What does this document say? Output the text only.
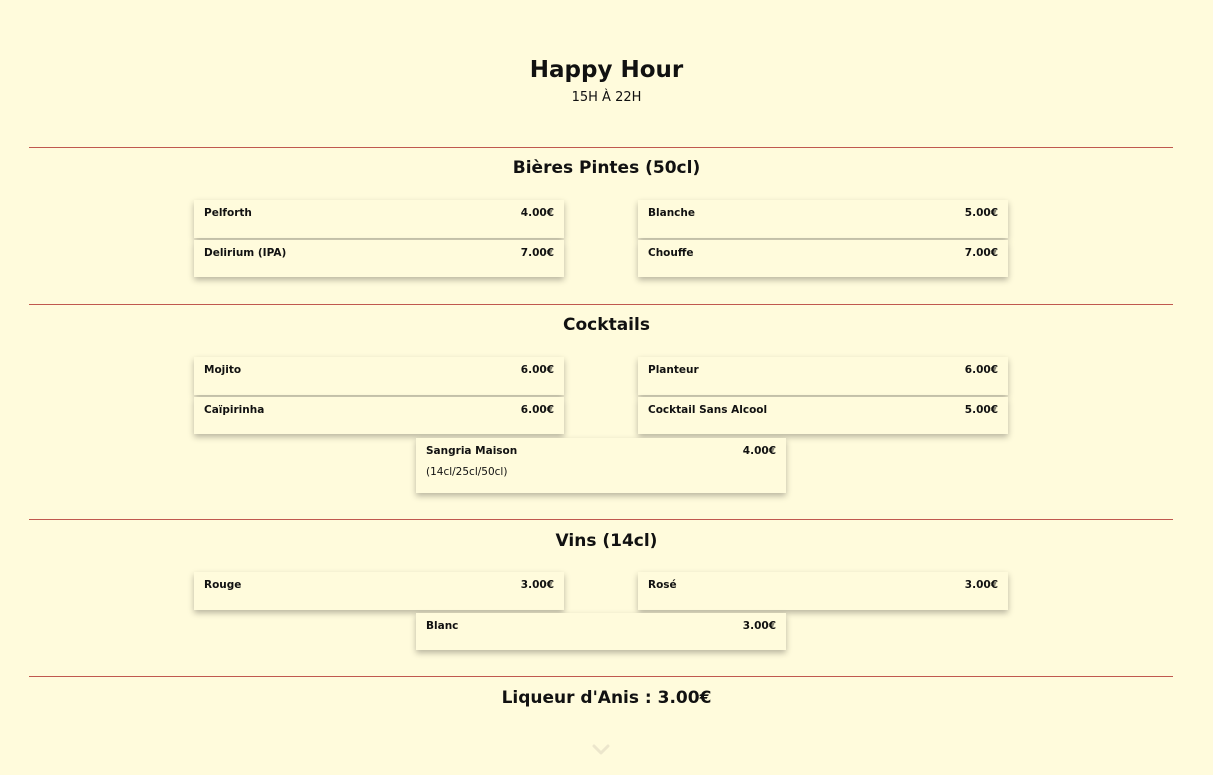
Happy Hour
15H À 22H
Bières Pintes (50cl)
Pelforth	4.00€	Blanche	5.00€
Delirium (IPA)	7.00€	Chouffe	7.00€
Cocktails
Mojito	6.00€	Planteur	6.00€
Caïpirinha	6.00€	Cocktail Sans Alcool	5.00€
Sangria Maison	4.00€
(14cl/25cl/50cl)
Vins (14cl)
Rouge	3.00€	Rosé	3.00€
Blanc	3.00€
Liqueur d'Anis : 3.00€
